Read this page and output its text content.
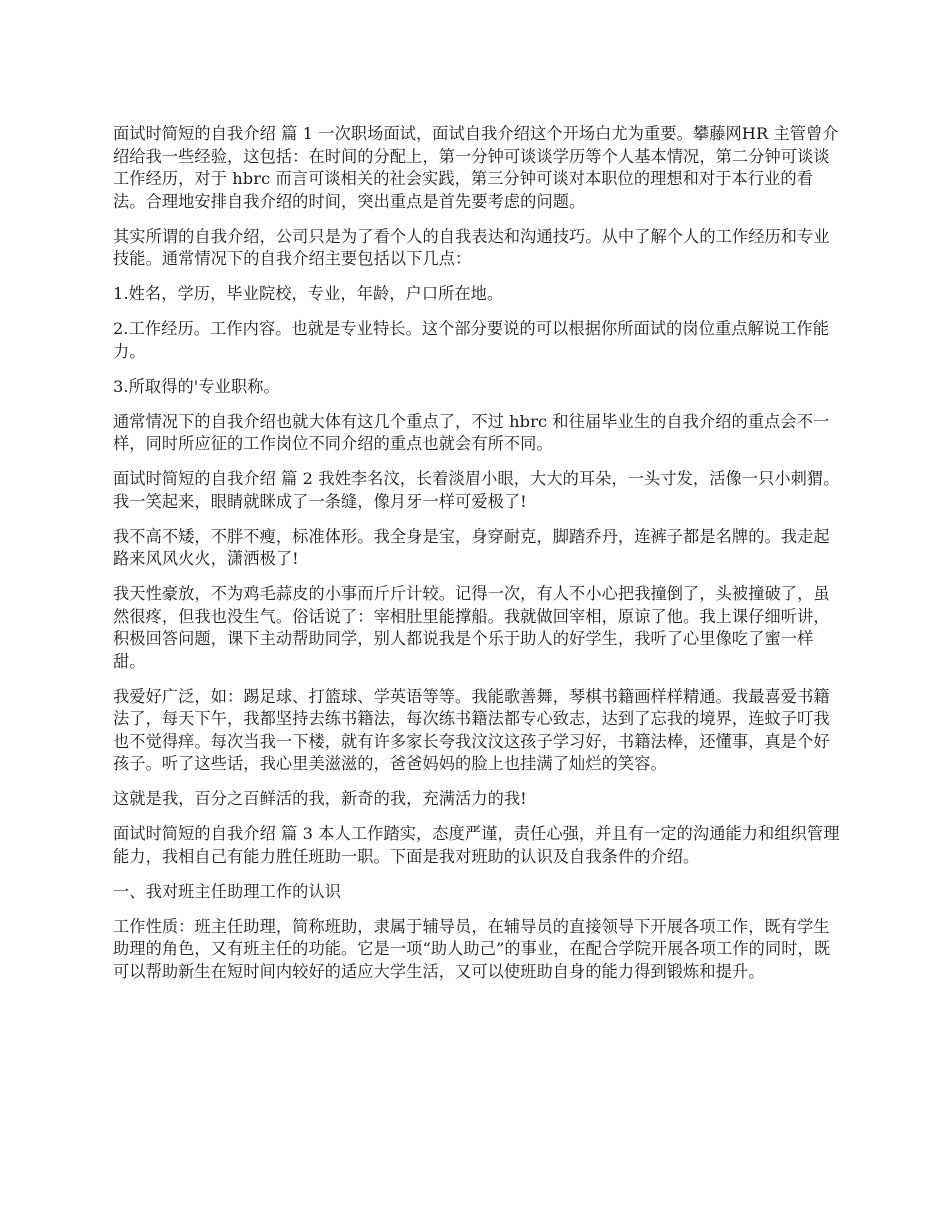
面试时简短的自我介绍 篇 1 一次职场面试，面试自我介绍这个开场白尤为重要。攀藤网HR 主管曾介绍给我一些经验，这包括：在时间的分配上，第一分钟可谈谈学历等个人基本情况，第二分钟可谈谈工作经历，对于 hbrc 而言可谈相关的社会实践，第三分钟可谈对本职位的理想和对于本行业的看法。合理地安排自我介绍的时间，突出重点是首先要考虑的问题。

其实所谓的自我介绍，公司只是为了看个人的自我表达和沟通技巧。从中了解个人的工作经历和专业技能。通常情况下的自我介绍主要包括以下几点：

1.姓名，学历，毕业院校，专业，年龄，户口所在地。

2.工作经历。工作内容。也就是专业特长。这个部分要说的可以根据你所面试的岗位重点解说工作能力。

3.所取得的'专业职称。

通常情况下的自我介绍也就大体有这几个重点了，不过 hbrc 和往届毕业生的自我介绍的重点会不一样，同时所应征的工作岗位不同介绍的重点也就会有所不同。

面试时简短的自我介绍 篇 2 我姓李名汶，长着淡眉小眼，大大的耳朵，一头寸发，活像一只小刺猬。我一笑起来，眼睛就眯成了一条缝，像月牙一样可爱极了!

我不高不矮，不胖不瘦，标准体形。我全身是宝，身穿耐克，脚踏乔丹，连裤子都是名牌的。我走起路来风风火火，潇洒极了!

我天性豪放，不为鸡毛蒜皮的小事而斤斤计较。记得一次，有人不小心把我撞倒了，头被撞破了，虽然很疼，但我也没生气。俗话说了：宰相肚里能撑船。我就做回宰相，原谅了他。我上课仔细听讲，积极回答问题，课下主动帮助同学，别人都说我是个乐于助人的好学生，我听了心里像吃了蜜一样甜。

我爱好广泛，如：踢足球、打篮球、学英语等等。我能歌善舞，琴棋书籍画样样精通。我最喜爱书籍法了，每天下午，我都坚持去练书籍法，每次练书籍法都专心致志，达到了忘我的境界，连蚊子叮我也不觉得痒。每次当我一下楼，就有许多家长夸我汶汶这孩子学习好，书籍法棒，还懂事，真是个好孩子。听了这些话，我心里美滋滋的，爸爸妈妈的脸上也挂满了灿烂的笑容。

这就是我，百分之百鲜活的我，新奇的我，充满活力的我!

面试时简短的自我介绍 篇 3 本人工作踏实，态度严谨，责任心强，并且有一定的沟通能力和组织管理能力，我相自己有能力胜任班助一职。下面是我对班助的认识及自我条件的介绍。

一、我对班主任助理工作的认识

工作性质：班主任助理，简称班助，隶属于辅导员，在辅导员的直接领导下开展各项工作，既有学生助理的角色，又有班主任的功能。它是一项“助人助己”的事业，在配合学院开展各项工作的同时，既可以帮助新生在短时间内较好的适应大学生活，又可以使班助自身的能力得到锻炼和提升。
